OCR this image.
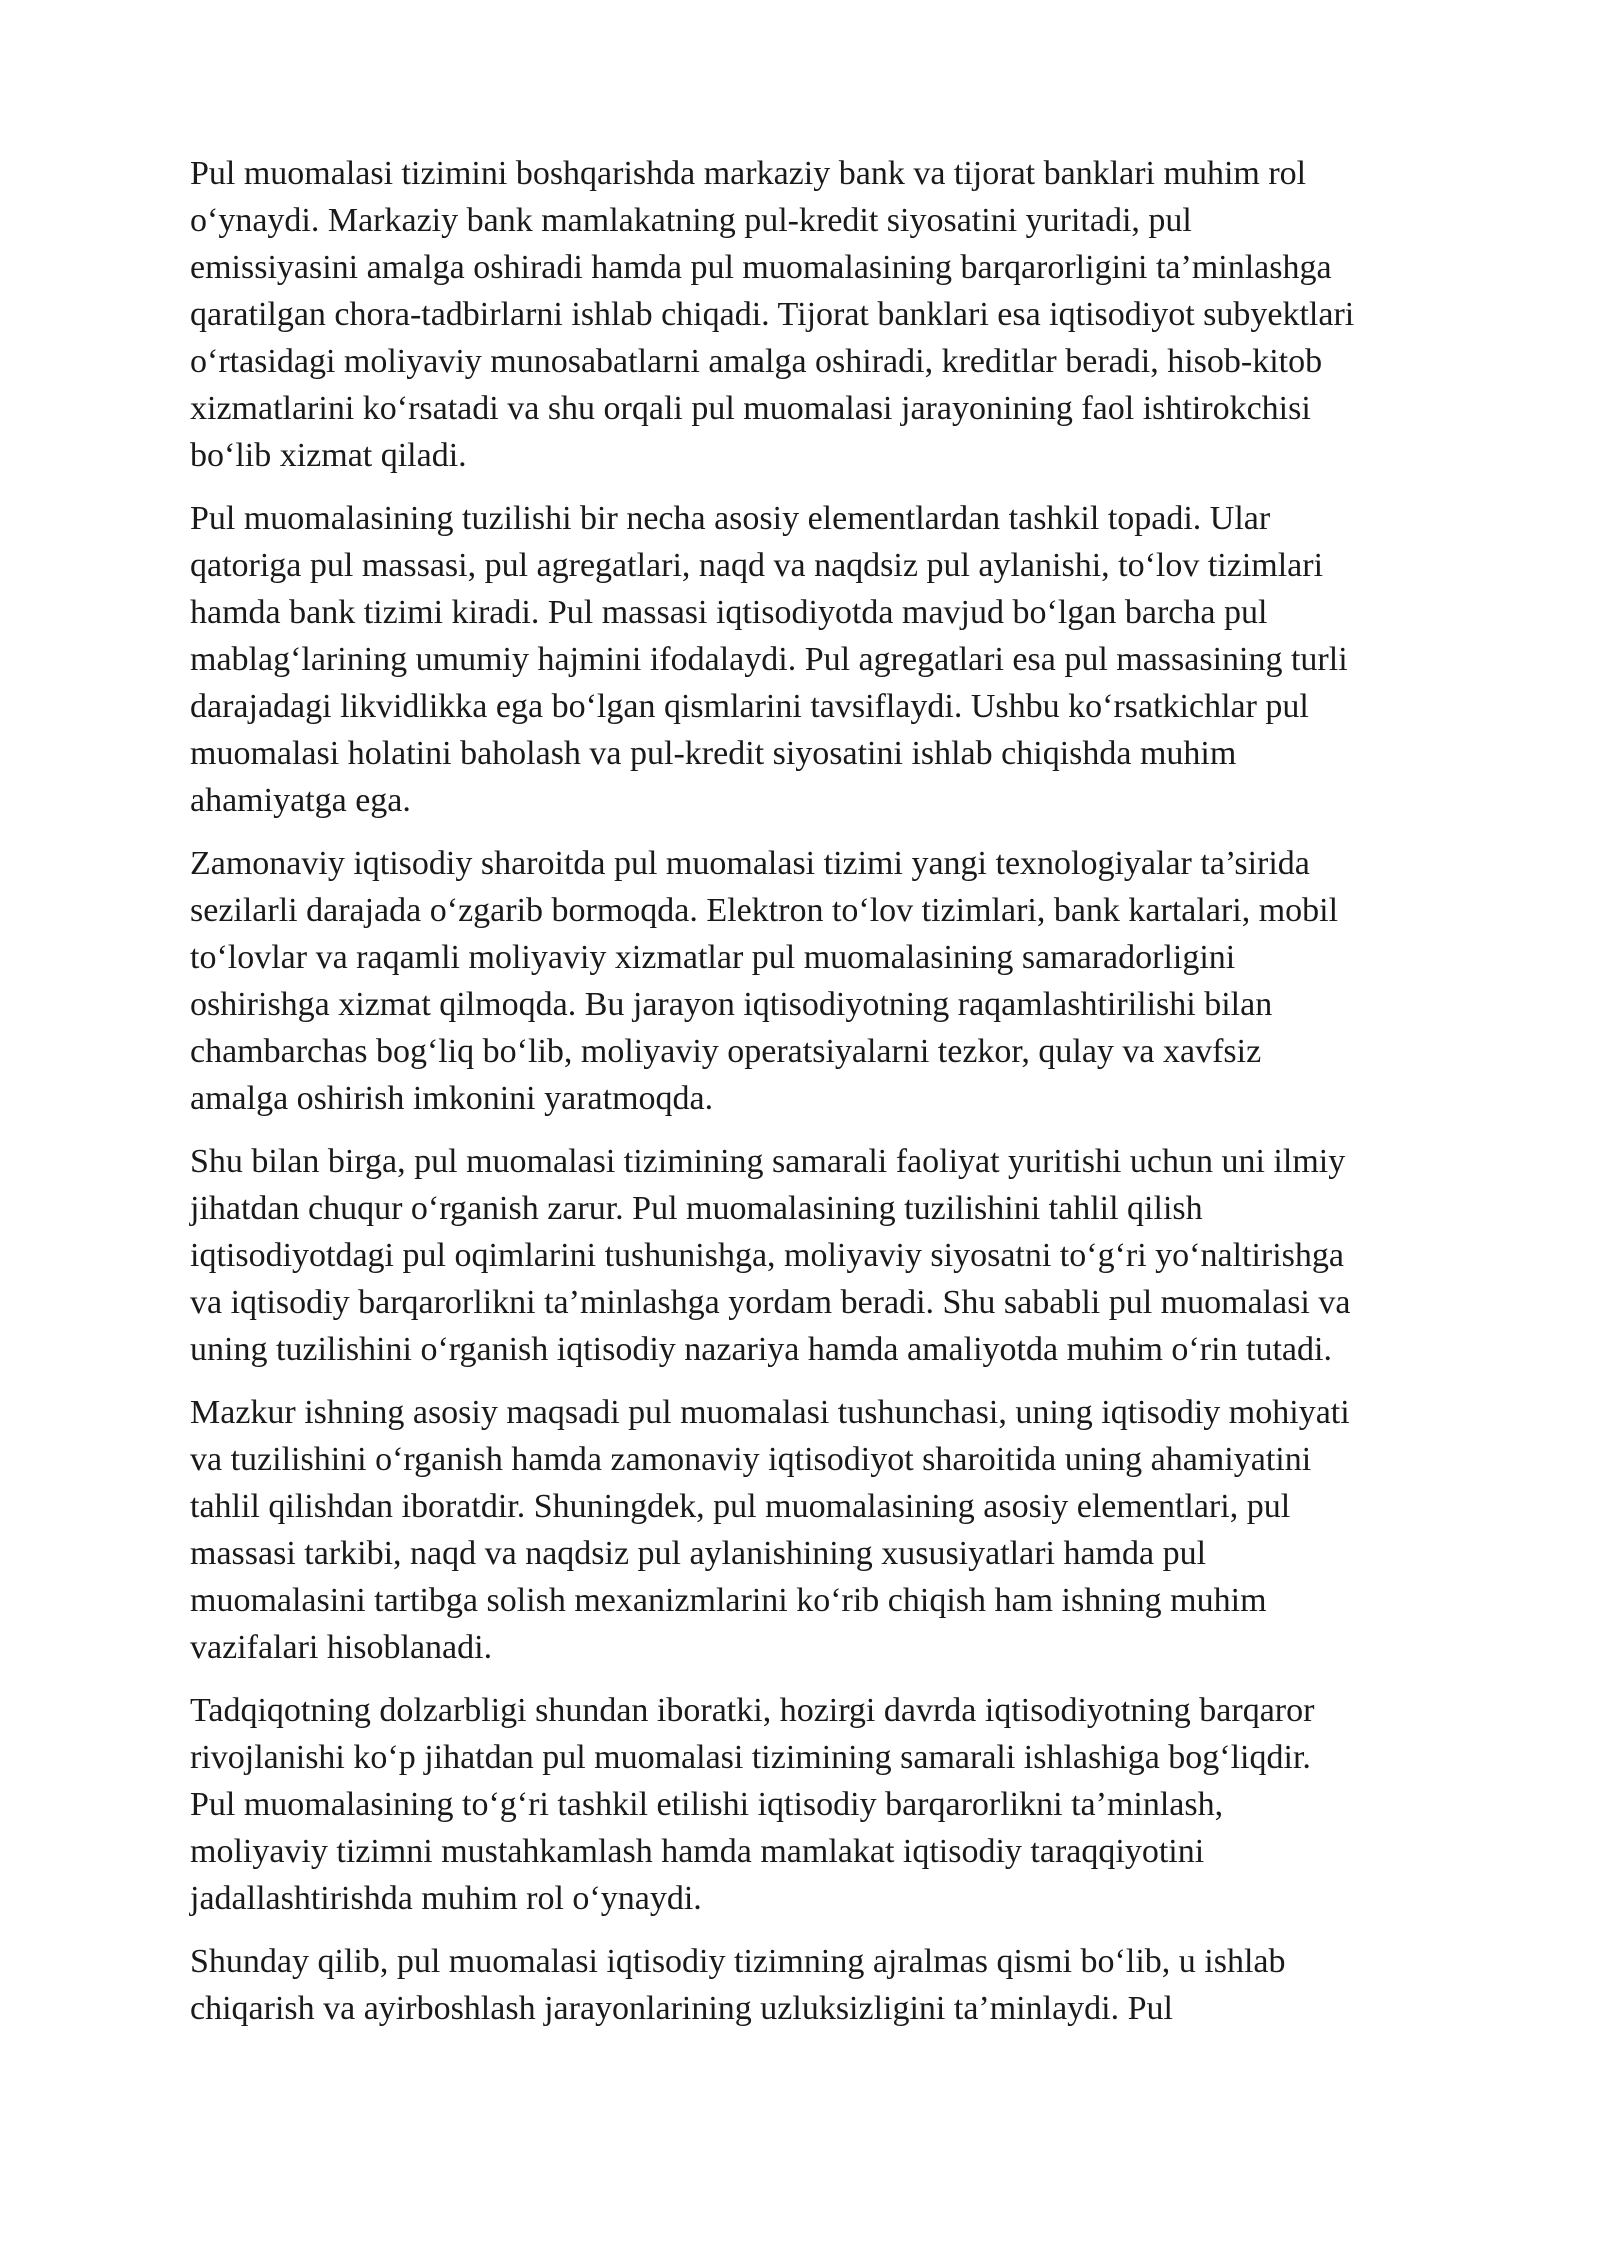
Pul muomalasi tizimini boshqarishda markaziy bank va tijorat banklari muhim rol
o‘ynaydi. Markaziy bank mamlakatning pul-kredit siyosatini yuritadi, pul
emissiyasini amalga oshiradi hamda pul muomalasining barqarorligini ta’minlashga
qaratilgan chora-tadbirlarni ishlab chiqadi. Tijorat banklari esa iqtisodiyot subyektlari
o‘rtasidagi moliyaviy munosabatlarni amalga oshiradi, kreditlar beradi, hisob-kitob
xizmatlarini ko‘rsatadi va shu orqali pul muomalasi jarayonining faol ishtirokchisi
bo‘lib xizmat qiladi.

Pul muomalasining tuzilishi bir necha asosiy elementlardan tashkil topadi. Ular
qatoriga pul massasi, pul agregatlari, naqd va naqdsiz pul aylanishi, to‘lov tizimlari
hamda bank tizimi kiradi. Pul massasi iqtisodiyotda mavjud bo‘lgan barcha pul
mablag‘larining umumiy hajmini ifodalaydi. Pul agregatlari esa pul massasining turli
darajadagi likvidlikka ega bo‘lgan qismlarini tavsiflaydi. Ushbu ko‘rsatkichlar pul
muomalasi holatini baholash va pul-kredit siyosatini ishlab chiqishda muhim
ahamiyatga ega.

Zamonaviy iqtisodiy sharoitda pul muomalasi tizimi yangi texnologiyalar ta’sirida
sezilarli darajada o‘zgarib bormoqda. Elektron to‘lov tizimlari, bank kartalari, mobil
to‘lovlar va raqamli moliyaviy xizmatlar pul muomalasining samaradorligini
oshirishga xizmat qilmoqda. Bu jarayon iqtisodiyotning raqamlashtirilishi bilan
chambarchas bog‘liq bo‘lib, moliyaviy operatsiyalarni tezkor, qulay va xavfsiz
amalga oshirish imkonini yaratmoqda.

Shu bilan birga, pul muomalasi tizimining samarali faoliyat yuritishi uchun uni ilmiy
jihatdan chuqur o‘rganish zarur. Pul muomalasining tuzilishini tahlil qilish
iqtisodiyotdagi pul oqimlarini tushunishga, moliyaviy siyosatni to‘g‘ri yo‘naltirishga
va iqtisodiy barqarorlikni ta’minlashga yordam beradi. Shu sababli pul muomalasi va
uning tuzilishini o‘rganish iqtisodiy nazariya hamda amaliyotda muhim o‘rin tutadi.

Mazkur ishning asosiy maqsadi pul muomalasi tushunchasi, uning iqtisodiy mohiyati
va tuzilishini o‘rganish hamda zamonaviy iqtisodiyot sharoitida uning ahamiyatini
tahlil qilishdan iboratdir. Shuningdek, pul muomalasining asosiy elementlari, pul
massasi tarkibi, naqd va naqdsiz pul aylanishining xususiyatlari hamda pul
muomalasini tartibga solish mexanizmlarini ko‘rib chiqish ham ishning muhim
vazifalari hisoblanadi.

Tadqiqotning dolzarbligi shundan iboratki, hozirgi davrda iqtisodiyotning barqaror
rivojlanishi ko‘p jihatdan pul muomalasi tizimining samarali ishlashiga bog‘liqdir.
Pul muomalasining to‘g‘ri tashkil etilishi iqtisodiy barqarorlikni ta’minlash,
moliyaviy tizimni mustahkamlash hamda mamlakat iqtisodiy taraqqiyotini
jadallashtirishda muhim rol o‘ynaydi.

Shunday qilib, pul muomalasi iqtisodiy tizimning ajralmas qismi bo‘lib, u ishlab
chiqarish va ayirboshlash jarayonlarining uzluksizligini ta’minlaydi. Pul
